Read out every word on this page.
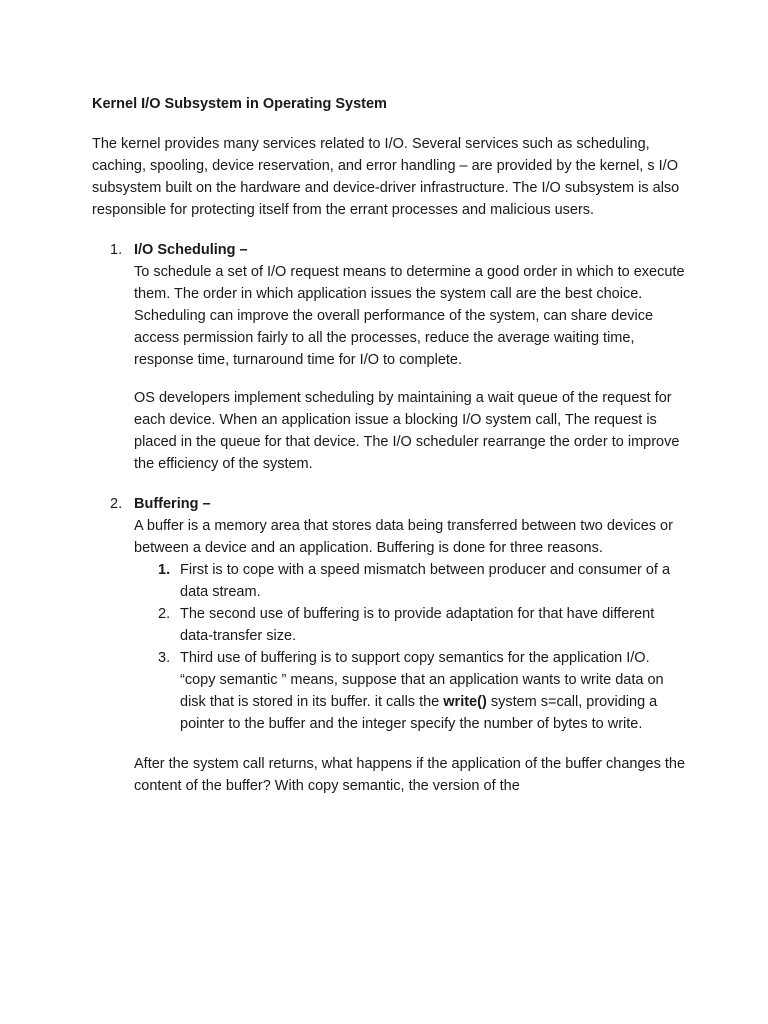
Kernel I/O Subsystem in Operating System

The kernel provides many services related to I/O. Several services such as scheduling, caching, spooling, device reservation, and error handling – are provided by the kernel, s I/O subsystem built on the hardware and device-driver infrastructure. The I/O subsystem is also responsible for protecting itself from the errant processes and malicious users.

1. I/O Scheduling –

To schedule a set of I/O request means to determine a good order in which to execute them. The order in which application issues the system call are the best choice. Scheduling can improve the overall performance of the system, can share device access permission fairly to all the processes, reduce the average waiting time, response time, turnaround time for I/O to complete.

OS developers implement scheduling by maintaining a wait queue of the request for each device. When an application issue a blocking I/O system call, The request is placed in the queue for that device. The I/O scheduler rearrange the order to improve the efficiency of the system.

2. Buffering –

A buffer is a memory area that stores data being transferred between two devices or between a device and an application. Buffering is done for three reasons.

1. First is to cope with a speed mismatch between producer and consumer of a data stream.
2. The second use of buffering is to provide adaptation for that have different data-transfer size.
3. Third use of buffering is to support copy semantics for the application I/O. “copy semantic ” means, suppose that an application wants to write data on disk that is stored in its buffer. it calls the write() system s=call, providing a pointer to the buffer and the integer specify the number of bytes to write.

After the system call returns, what happens if the application of the buffer changes the content of the buffer? With copy semantic, the version of the
